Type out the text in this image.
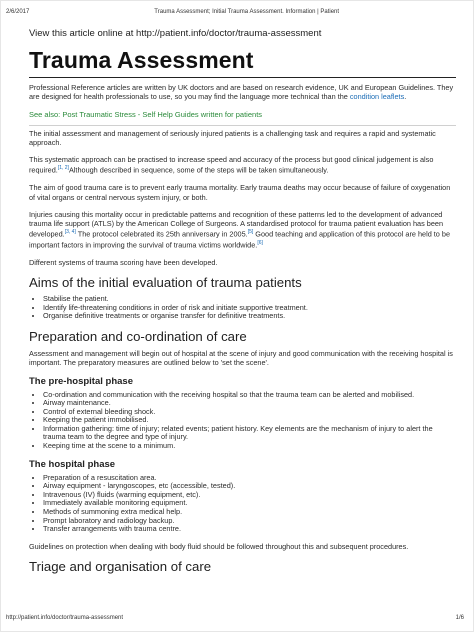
2/6/2017	Trauma Assessment; Initial Trauma Assessment. Information | Patient
View this article online at http://patient.info/doctor/trauma-assessment
Trauma Assessment

Professional Reference articles are written by UK doctors and are based on research evidence, UK and European Guidelines. They are designed for health professionals to use, so you may find the language more technical than the condition leaflets.

See also: Post Traumatic Stress - Self Help Guides written for patients

The initial assessment and management of seriously injured patients is a challenging task and requires a rapid and systematic approach.

This systematic approach can be practised to increase speed and accuracy of the process but good clinical judgement is also required.[1, 2]Although described in sequence, some of the steps will be taken simultaneously.

The aim of good trauma care is to prevent early trauma mortality. Early trauma deaths may occur because of failure of oxygenation of vital organs or central nervous system injury, or both.

Injuries causing this mortality occur in predictable patterns and recognition of these patterns led to the development of advanced trauma life support (ATLS) by the American College of Surgeons. A standardised protocol for trauma patient evaluation has been developed.[3, 4] The protocol celebrated its 25th anniversary in 2005.[5] Good teaching and application of this protocol are held to be important factors in improving the survival of trauma victims worldwide.[6]

Different systems of trauma scoring have been developed.

Aims of the initial evaluation of trauma patients
• Stabilise the patient.
• Identify life-threatening conditions in order of risk and initiate supportive treatment.
• Organise definitive treatments or organise transfer for definitive treatments.
Preparation and co-ordination of care

Assessment and management will begin out of hospital at the scene of injury and good communication with the receiving hospital is important. The preparatory measures are outlined below to 'set the scene'.

The pre-hospital phase
• Co-ordination and communication with the receiving hospital so that the trauma team can be alerted and mobilised.
• Airway maintenance.
• Control of external bleeding shock.
• Keeping the patient immobilised.
• Information gathering: time of injury; related events; patient history. Key elements are the mechanism of injury to alert the trauma team to the degree and type of injury.
• Keeping time at the scene to a minimum.
The hospital phase
• Preparation of a resuscitation area.
• Airway equipment - laryngoscopes, etc (accessible, tested).
• Intravenous (IV) fluids (warming equipment, etc).
• Immediately available monitoring equipment.
• Methods of summoning extra medical help.
• Prompt laboratory and radiology backup.
• Transfer arrangements with trauma centre.

Guidelines on protection when dealing with body fluid should be followed throughout this and subsequent procedures.

Triage and organisation of care
http://patient.info/doctor/trauma-assessment	1/6
